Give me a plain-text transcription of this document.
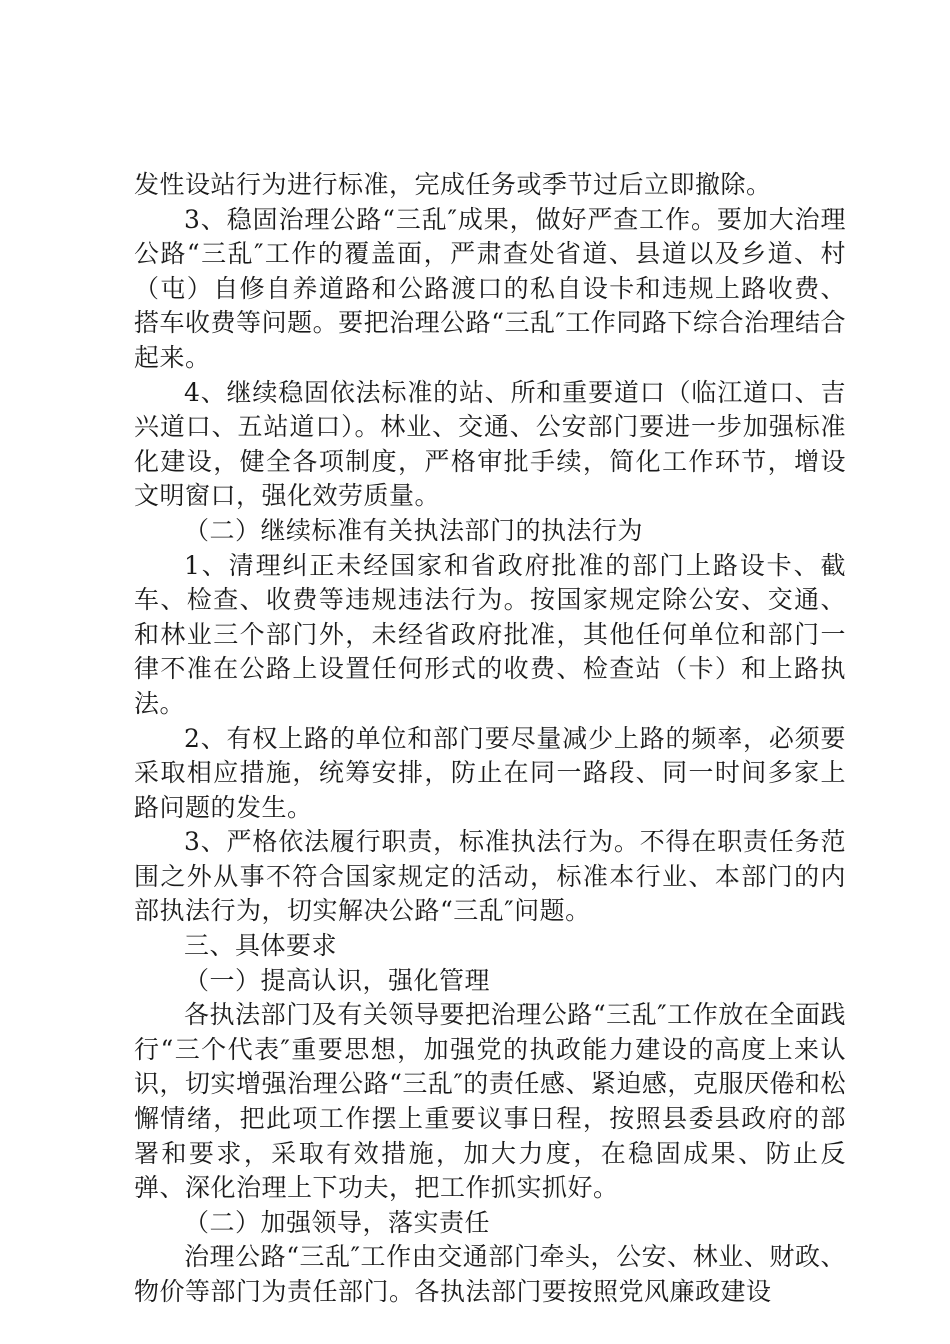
发性设站行为进行标准，完成任务或季节过后立即撤除。

3、稳固治理公路“三乱″成果，做好严查工作。要加大治理公路“三乱″工作的覆盖面，严肃查处省道、县道以及乡道、村（屯）自修自养道路和公路渡口的私自设卡和违规上路收费、搭车收费等问题。要把治理公路“三乱″工作同路下综合治理结合起来。

4、继续稳固依法标准的站、所和重要道口（临江道口、吉兴道口、五站道口）。林业、交通、公安部门要进一步加强标准化建设，健全各项制度，严格审批手续，简化工作环节，增设文明窗口，强化效劳质量。

（二）继续标准有关执法部门的执法行为

1、清理纠正未经国家和省政府批准的部门上路设卡、截车、检查、收费等违规违法行为。按国家规定除公安、交通、和林业三个部门外，未经省政府批准，其他任何单位和部门一律不准在公路上设置任何形式的收费、检查站（卡）和上路执法。

2、有权上路的单位和部门要尽量减少上路的频率，必须要采取相应措施，统筹安排，防止在同一路段、同一时间多家上路问题的发生。

3、严格依法履行职责，标准执法行为。不得在职责任务范围之外从事不符合国家规定的活动，标准本行业、本部门的内部执法行为，切实解决公路“三乱″问题。

三、具体要求

（一）提高认识，强化管理

各执法部门及有关领导要把治理公路“三乱″工作放在全面践行“三个代表″重要思想，加强党的执政能力建设的高度上来认识，切实增强治理公路“三乱″的责任感、紧迫感，克服厌倦和松懈情绪，把此项工作摆上重要议事日程，按照县委县政府的部署和要求，采取有效措施，加大力度，在稳固成果、防止反弹、深化治理上下功夫，把工作抓实抓好。

（二）加强领导，落实责任

治理公路“三乱″工作由交通部门牵头，公安、林业、财政、物价等部门为责任部门。各执法部门要按照党风廉政建设
